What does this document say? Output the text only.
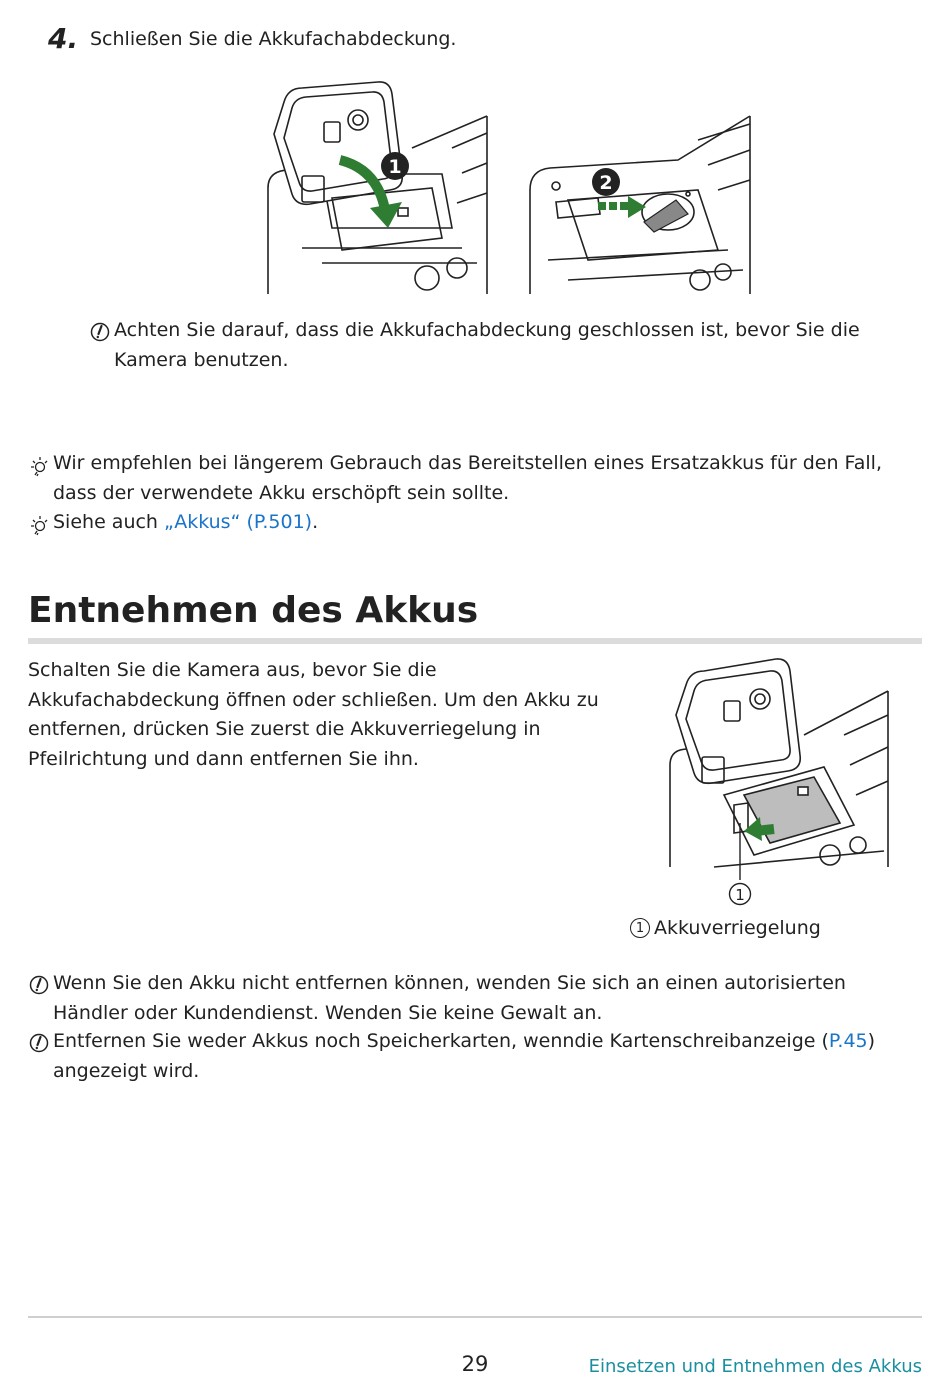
4. Schließen Sie die Akkufachabdeckung.
1
2
Achten Sie darauf, dass die Akkufachabdeckung geschlossen ist, bevor Sie die Kamera benutzen.
Wir empfehlen bei längerem Gebrauch das Bereitstellen eines Ersatzakkus für den Fall, dass der verwendete Akku erschöpft sein sollte.
Siehe auch „Akkus“ (P.501).
Entnehmen des Akkus
Schalten Sie die Kamera aus, bevor Sie die Akkufachabdeckung öffnen oder schließen. Um den Akku zu entfernen, drücken Sie zuerst die Akkuverriegelung in Pfeilrichtung und dann entfernen Sie ihn.
1
1 Akkuverriegelung
Wenn Sie den Akku nicht entfernen können, wenden Sie sich an einen autorisierten Händler oder Kundendienst. Wenden Sie keine Gewalt an.
Entfernen Sie weder Akkus noch Speicherkarten, wenndie Kartenschreibanzeige (P.45) angezeigt wird.
29	Einsetzen und Entnehmen des Akkus
